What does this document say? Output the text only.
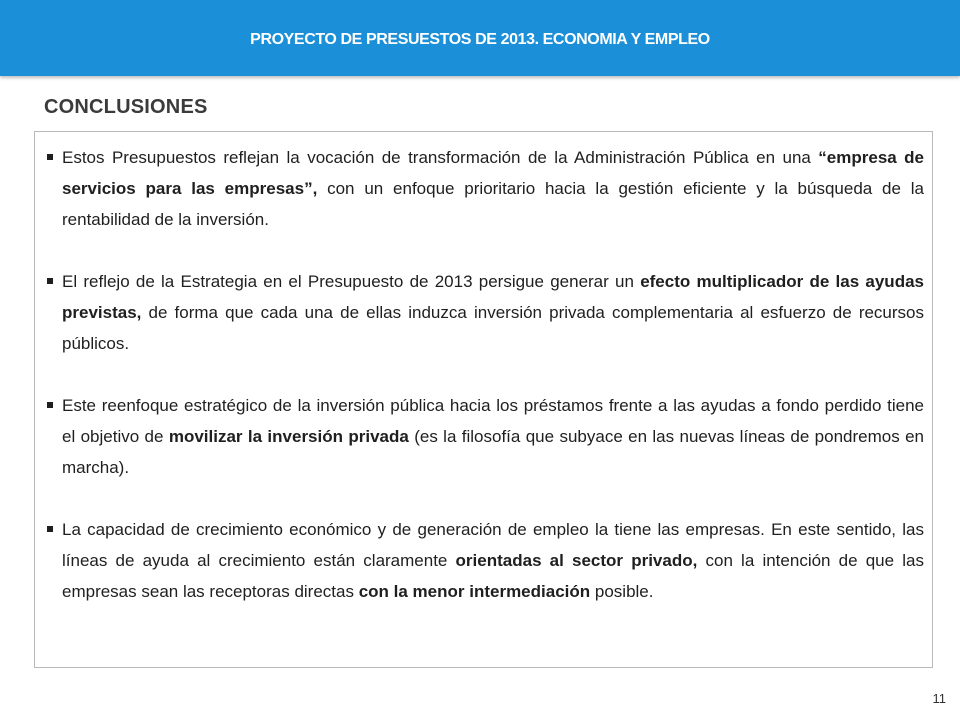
PROYECTO DE PRESUESTOS DE 2013. ECONOMIA Y EMPLEO
CONCLUSIONES
Estos Presupuestos reflejan la vocación de transformación de la Administración Pública en una “empresa de servicios para las empresas”, con un enfoque prioritario hacia la gestión eficiente y la búsqueda de la rentabilidad de la inversión.
El reflejo de la Estrategia en el Presupuesto de 2013 persigue generar un efecto multiplicador de las ayudas previstas, de forma que cada una de ellas induzca inversión privada complementaria al esfuerzo de recursos públicos.
Este reenfoque estratégico de la inversión pública hacia los préstamos frente a las ayudas a fondo perdido tiene el objetivo de movilizar la inversión privada (es la filosofía que subyace en las nuevas líneas de pondremos en marcha).
La capacidad de crecimiento económico y de generación de empleo la tiene las empresas. En este sentido, las líneas de ayuda al crecimiento están claramente orientadas al sector privado, con la intención de que las empresas sean las receptoras directas con la menor intermediación posible.
11
